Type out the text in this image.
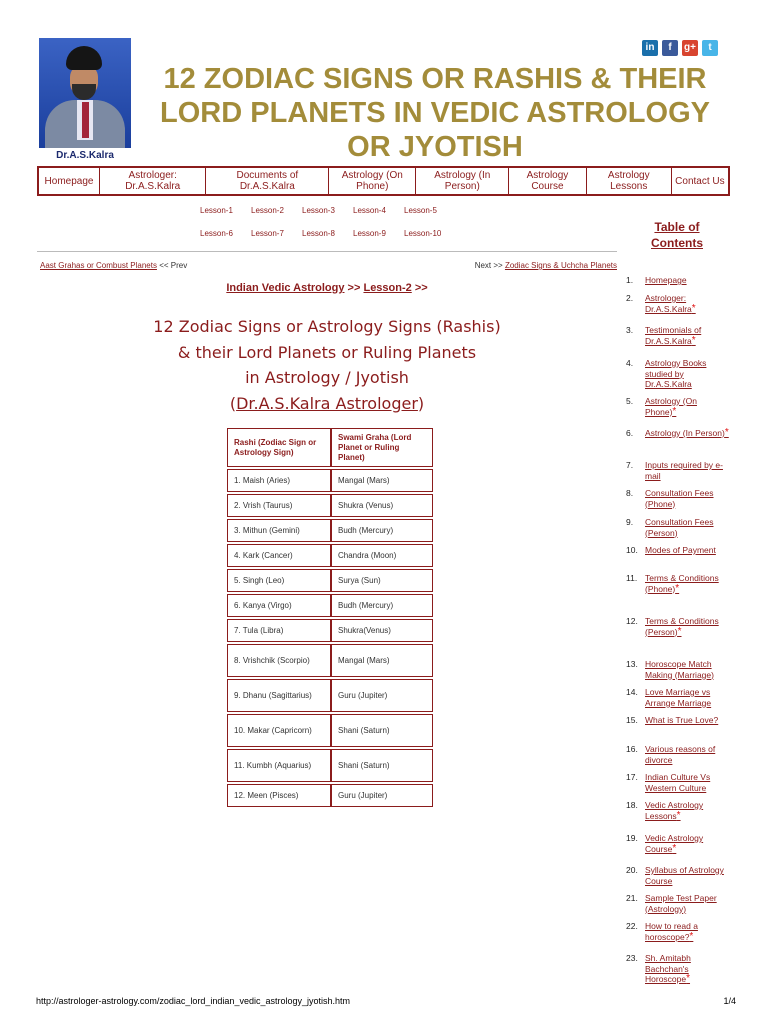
Dr.A.S.Kalra
in	f	g+	t
12 ZODIAC SIGNS OR RASHIS & THEIR LORD PLANETS IN VEDIC ASTROLOGY OR JYOTISH
Homepage	Astrologer: Dr.A.S.Kalra
Documents of Dr.A.S.Kalra
Astrology (On Phone)
Astrology (In Person)
Astrology Course
Astrology Lessons	Contact Us
Lesson-1 Lesson-2 Lesson-3 Lesson-4 Lesson-5
Lesson-6 Lesson-7 Lesson-8 Lesson-9 Lesson-10
Aast Grahas or Combust Planets << Prev	Next >> Zodiac Signs & Uchcha Planets
Indian Vedic Astrology >> Lesson-2 >>
12 Zodiac Signs or Astrology Signs (Rashis)
& their Lord Planets or Ruling Planets
in Astrology / Jyotish
(Dr.A.S.Kalra Astrologer)
Rashi (Zodiac Sign or Astrology Sign)	Swami Graha (Lord Planet or Ruling Planet)
1. Maish (Aries)	Mangal (Mars)
2. Vrish (Taurus)	Shukra (Venus)
3. Mithun (Gemini)	Budh (Mercury)
4. Kark (Cancer)	Chandra (Moon)
5. Singh (Leo)	Surya (Sun)
6. Kanya (Virgo)	Budh (Mercury)
7. Tula (Libra)	Shukra(Venus)
8. Vrishchik (Scorpio)	Mangal (Mars)
9. Dhanu (Sagittarius)	Guru (Jupiter)
10. Makar (Capricorn)	Shani (Saturn)
11. Kumbh (Aquarius)	Shani (Saturn)
12. Meen (Pisces)	Guru (Jupiter)
Table of Contents
1. Homepage
2. Astrologer: Dr.A.S.Kalra*
3. Testimonials of Dr.A.S.Kalra*
4. Astrology Books studied by Dr.A.S.Kalra
5. Astrology (On Phone)*
6. Astrology (In Person)*
7. Inputs required by e-mail
8. Consultation Fees (Phone)
9. Consultation Fees (Person)
10. Modes of Payment
11. Terms & Conditions (Phone)*
12. Terms & Conditions (Person)*
13. Horoscope Match Making (Marriage)
14. Love Marriage vs Arrange Marriage
15. What is True Love?
16. Various reasons of divorce
17. Indian Culture Vs Western Culture
18. Vedic Astrology Lessons*
19. Vedic Astrology Course*
20. Syllabus of Astrology Course
21. Sample Test Paper (Astrology)
22. How to read a horoscope?*
23. Sh. Amitabh Bachchan's Horoscope*
http://astrologer-astrology.com/zodiac_lord_indian_vedic_astrology_jyotish.htm	1/4
